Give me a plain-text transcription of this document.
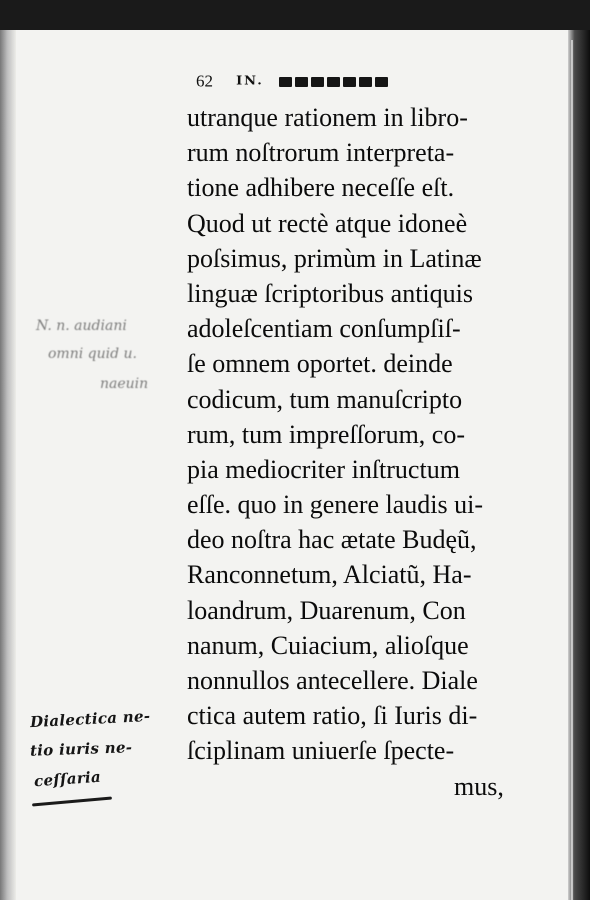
62 IN.
utranque rationem in libro-
rum noſtrorum interpreta-
tione adhibere neceſſe eſt.
Quod ut rectè atque idoneè
poſsimus, primùm in Latinæ
linguæ ſcriptoribus antiquis
adoleſcentiam conſumpſiſ-
ſe omnem oportet. deinde
codicum, tum manuſcripto
rum, tum impreſſorum, co-
pia mediocriter inſtructum
eſſe. quo in genere laudis ui-
deo noſtra hac ætate Budęũ,
Ranconnetum, Alciatũ, Ha-
loandrum, Duarenum, Con
nanum, Cuiacium, alioſque
nonnullos antecellere. Diale
ctica autem ratio, ſi Iuris di-
ſciplinam uniuerſe ſpecte-
mus,
N. n. audiani
omni quid u.
naeuin
Dialectica ne-
tio iuris ne-
ceſſaria
